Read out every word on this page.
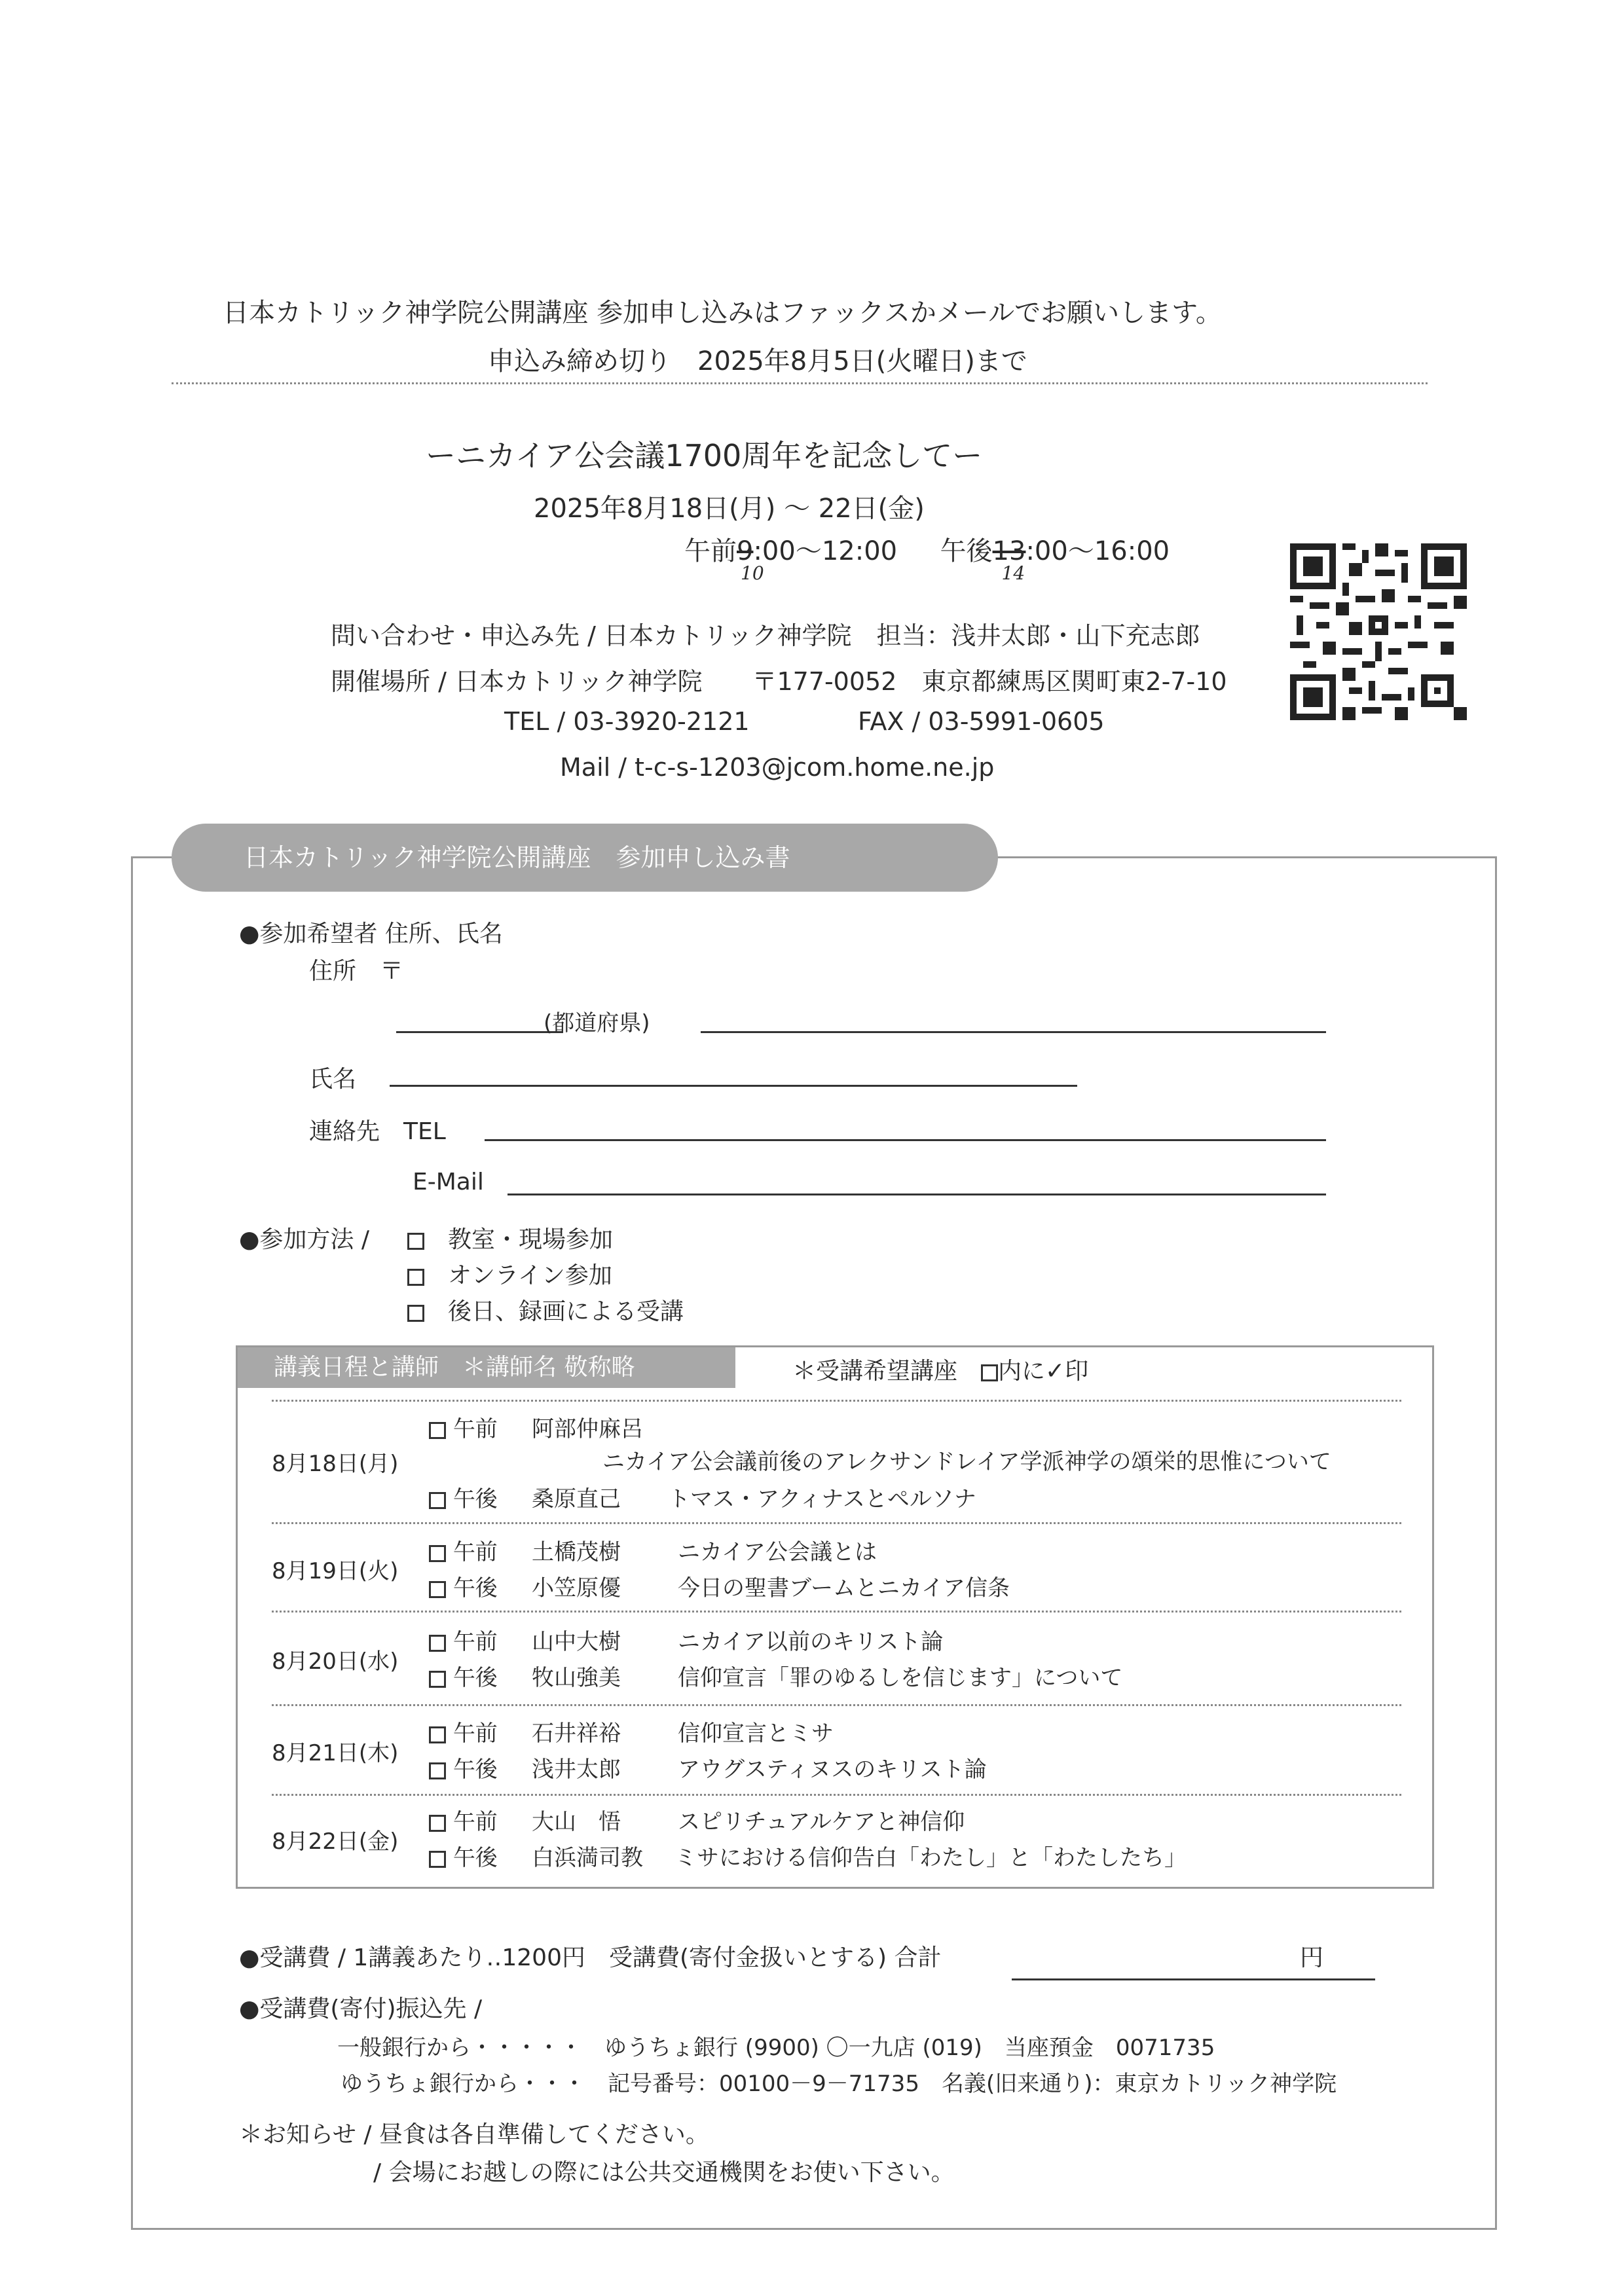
日本カトリック神学院公開講座 参加申し込みはファックスかメールでお願いします。
申込み締め切り　2025年8月5日(火曜日)まで
ーニカイア公会議1700周年を記念してー
2025年8月18日(月) ～ 22日(金)
午前9
10
:00～12:00 午後13
14
:00～16:00
問い合わせ・申込み先 / 日本カトリック神学院　担当：浅井太郎・山下充志郎
開催場所 / 日本カトリック神学院　　〒177-0052　東京都練馬区関町東2-7-10
TEL / 03-3920-2121	FAX / 03-5991-0605
Mail / t-c-s-1203@jcom.home.ne.jp
日本カトリック神学院公開講座　参加申し込み書
●参加希望者 住所、氏名
住所　〒
(都道府県)
氏名
連絡先　TEL
E-Mail
●参加方法 /
　	教室・現場参加
　オンライン参加
　後日、録画による受講
講義日程と講師　＊講師名 敬称略	＊受講希望講座　内に✓印
8月18日(月)
午前 阿部仲麻呂
ニカイア公会議前後のアレクサンドレイア学派神学の頌栄的思惟について
午後 桑原直己 トマス・アクィナスとペルソナ
8月19日(火)
午前 土橋茂樹	ニカイア公会議とは
午後 小笠原優	今日の聖書ブームとニカイア信条
8月20日(水)
午前 山中大樹	ニカイア以前のキリスト論
午後 牧山強美	信仰宣言「罪のゆるしを信じます」について
8月21日(木)
午前 石井祥裕	信仰宣言とミサ
午後 浅井太郎	アウグスティヌスのキリスト論
8月22日(金)
午前 大山　悟	スピリチュアルケアと神信仰
午後 白浜満司教 ミサにおける信仰告白「わたし」と「わたしたち」
●受講費 / 1講義あたり‥1200円　受講費(寄付金扱いとする) 合計	円
●受講費(寄付)振込先 /
一般銀行から・・・・・　ゆうちょ銀行 (9900) 〇一九店 (019)　当座預金　0071735
ゆうちょ銀行から・・・　記号番号：00100－9－71735　名義(旧来通り)：東京カトリック神学院
＊お知らせ / 昼食は各自準備してください。
/ 会場にお越しの際には公共交通機関をお使い下さい。
